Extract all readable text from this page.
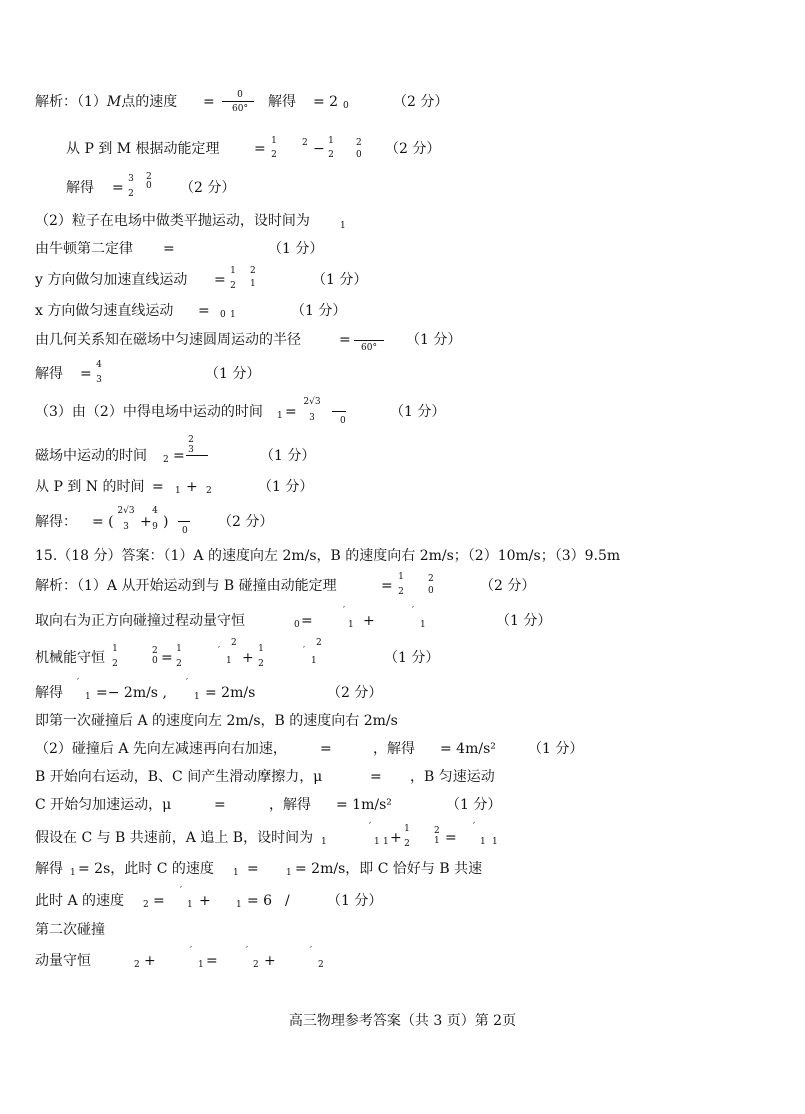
解析：（1）M点的速度 =	0
60°	解得 = 2 0	（2 分）
从 P 到 M 根据动能定理 = 1
2
2 − 1
2
2
0 （2 分）
解得 =
3
2
2
0 （2 分）
（2）粒子在电场中做类平抛运动，设时间为	1
由牛顿第二定律 =	（1 分）
y 方向做匀加速直线运动 =
1
2
2
1	（1 分）
x 方向做匀速直线运动 = 0 1	（1 分）
由几何关系知在磁场中匀速圆周运动的半径	=	60°	（1 分）
解得 =
4
3	（1 分）
（3）由（2）中得电场中运动的时间 1 =
2√3
3	0
（1 分）
磁场中运动的时间 2 =
2
3	（1 分）
从 P 到 N 的时间 = 1 + 2	（1 分）
解得： = (
2√3
3 +
4
9 )
0
（2 分）
15.（18 分）答案：（1）A 的速度向左 2m/s，B 的速度向右 2m/s；（2）10m/s；（3）9.5m
解析：（1）A 从开始运动到与 B 碰撞由动能定理	=
1
2
2
0	（2 分）
取向右为正方向碰撞过程动量守恒	0 =
′
1 +
′
1	（1 分）
机械能守恒
1
2
2
0 =
1
2
′
2
1 +
1
2
′
2
1	（1 分）
解得
′
1 =− 2m/s ,
′
1 = 2m/s	（2 分）
即第一次碰撞后 A 的速度向左 2m/s，B 的速度向右 2m/s
（2）碰撞后 A 先向左减速再向右加速， =	，解得 = 4m/s² （1 分）
B 开始向右运动，B、C 间产生滑动摩擦力，μ	= ，B 匀速运动
C 开始匀加速运动，μ	=	，解得 = 1m/s²	（1 分）
假设在 C 与 B 共速前，A 追上 B，设时间为 1
′
1 1 +
1
2
2
1 =
′
1 1
解得 1 = 2s，此时 C 的速度 1 =	1 = 2m/s，即 C 恰好与 B 共速
此时 A 的速度 2 =
′
1 +	1 = 6 /	（1 分）
第二次碰撞
动量守恒	2 +
′
1 =
′
2 +
′
2
高三物理参考答案（共 3 页）第 2页
